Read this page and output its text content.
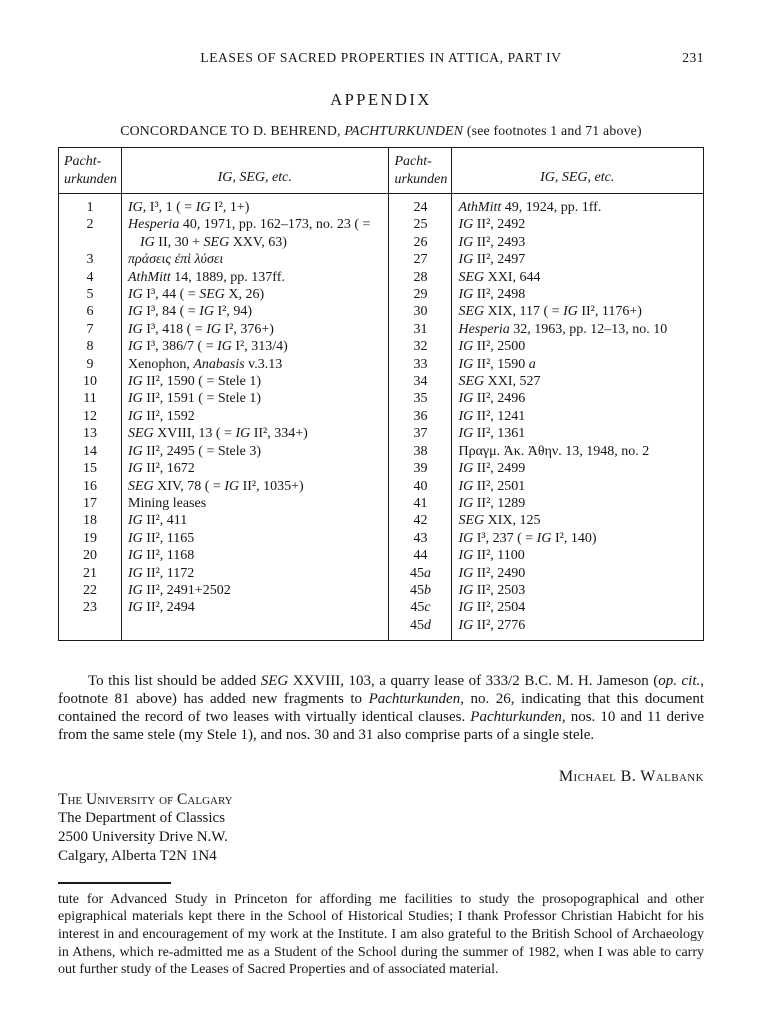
LEASES OF SACRED PROPERTIES IN ATTICA, PART IV	231
APPENDIX
CONCORDANCE TO D. BEHREND, PACHTURKUNDEN (see footnotes 1 and 71 above)
Pacht-
urkunden	IG, SEG, etc.
1	IG, I³, 1 ( = IG I², 1+)
2	Hesperia 40, 1971, pp. 162–173, no. 23 ( = IG II, 30 + SEG XXV, 63)
3	πράσεις ἐπὶ λύσει
4	AthMitt 14, 1889, pp. 137ff.
5	IG I³, 44 ( = SEG X, 26)
6	IG I³, 84 ( = IG I², 94)
7	IG I³, 418 ( = IG I², 376+)
8	IG I³, 386/7 ( = IG I², 313/4)
9	Xenophon, Anabasis v.3.13
10	IG II², 1590 ( = Stele 1)
11	IG II², 1591 ( = Stele 1)
12	IG II², 1592
13	SEG XVIII, 13 ( = IG II², 334+)
14	IG II², 2495 ( = Stele 3)
15	IG II², 1672
16	SEG XIV, 78 ( = IG II², 1035+)
17	Mining leases
18	IG II², 411
19	IG II², 1165
20	IG II², 1168
21	IG II², 1172
22	IG II², 2491+2502
23	IG II², 2494
Pacht-
urkunden	IG, SEG, etc.
24	AthMitt 49, 1924, pp. 1ff.
25	IG II², 2492
26	IG II², 2493
27	IG II², 2497
28	SEG XXI, 644
29	IG II², 2498
30	SEG XIX, 117 ( = IG II², 1176+)
31	Hesperia 32, 1963, pp. 12–13, no. 10
32	IG II², 2500
33	IG II², 1590 a
34	SEG XXI, 527
35	IG II², 2496
36	IG II², 1241
37	IG II², 1361
38	Πραγμ. Ἀκ. Ἀθην. 13, 1948, no. 2
39	IG II², 2499
40	IG II², 2501
41	IG II², 1289
42	SEG XIX, 125
43	IG I³, 237 ( = IG I², 140)
44	IG II², 1100
45a	IG II², 2490
45b	IG II², 2503
45c	IG II², 2504
45d	IG II², 2776

To this list should be added SEG XXVIII, 103, a quarry lease of 333/2 B.C. M. H. Jameson (op. cit., footnote 81 above) has added new fragments to Pachturkunden, no. 26, indicating that this document contained the record of two leases with virtually identical clauses. Pachturkunden, nos. 10 and 11 derive from the same stele (my Stele 1), and nos. 30 and 31 also comprise parts of a single stele.

Michael B. Walbank
The University of Calgary
The Department of Classics
2500 University Drive N.W.
Calgary, Alberta T2N 1N4
tute for Advanced Study in Princeton for affording me facilities to study the prosopographical and other epigraphical materials kept there in the School of Historical Studies; I thank Professor Christian Habicht for his interest in and encouragement of my work at the Institute. I am also grateful to the British School of Archaeology in Athens, which re-admitted me as a Student of the School during the summer of 1982, when I was able to carry out further study of the Leases of Sacred Properties and of associated material.
